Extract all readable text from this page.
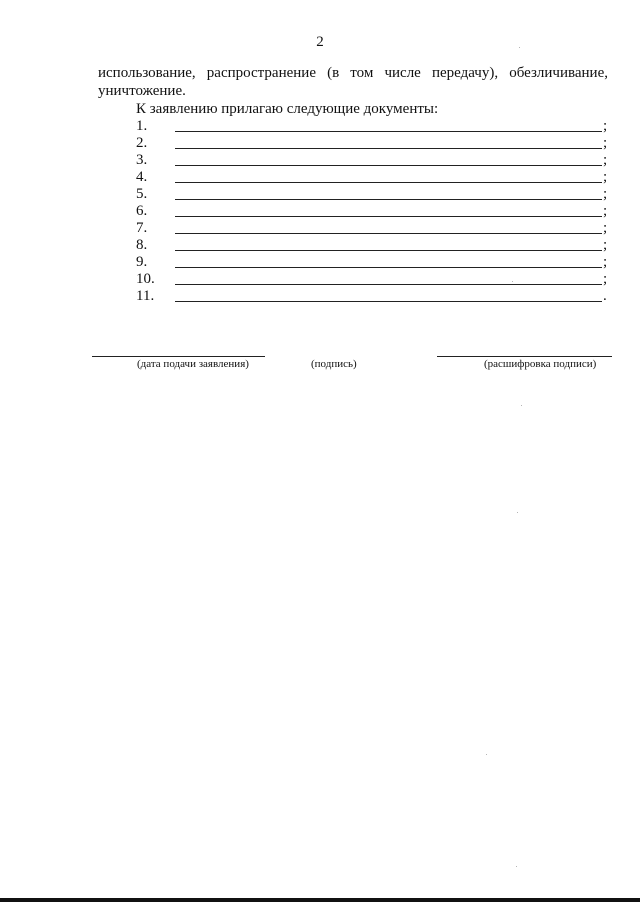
2
использование, распространение (в том числе передачу), обезличивание, уничтожение.
К заявлению прилагаю следующие документы:
1.	;
2.	;
3.	;
4.	;
5.	;
6.	;
7.	;
8.	;
9.	;
10.	;
11.	.
(дата подачи заявления)	(подпись)	(расшифровка подписи)
